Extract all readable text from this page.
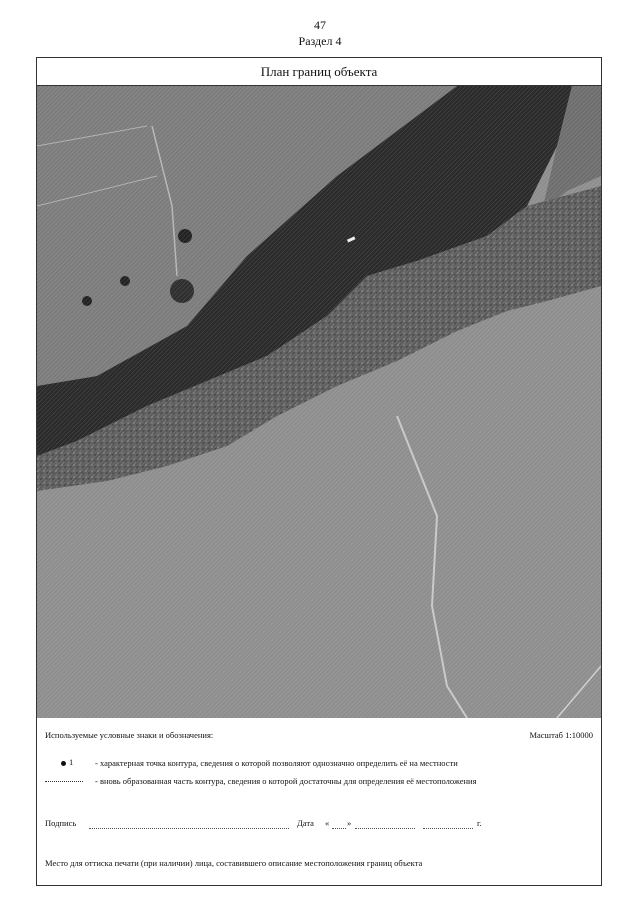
47
Раздел 4
План границ объекта
Используемые условные знаки и обозначения:	Масштаб 1:10000
1	- характерная точка контура, сведения о которой позволяют однозначно определить её на местности
- вновь образованная часть контура, сведения о которой достаточны для определения её местоположения
Подпись	Дата « »	г.
Место для оттиска печати (при наличии) лица, составившего описание местоположения границ объекта
